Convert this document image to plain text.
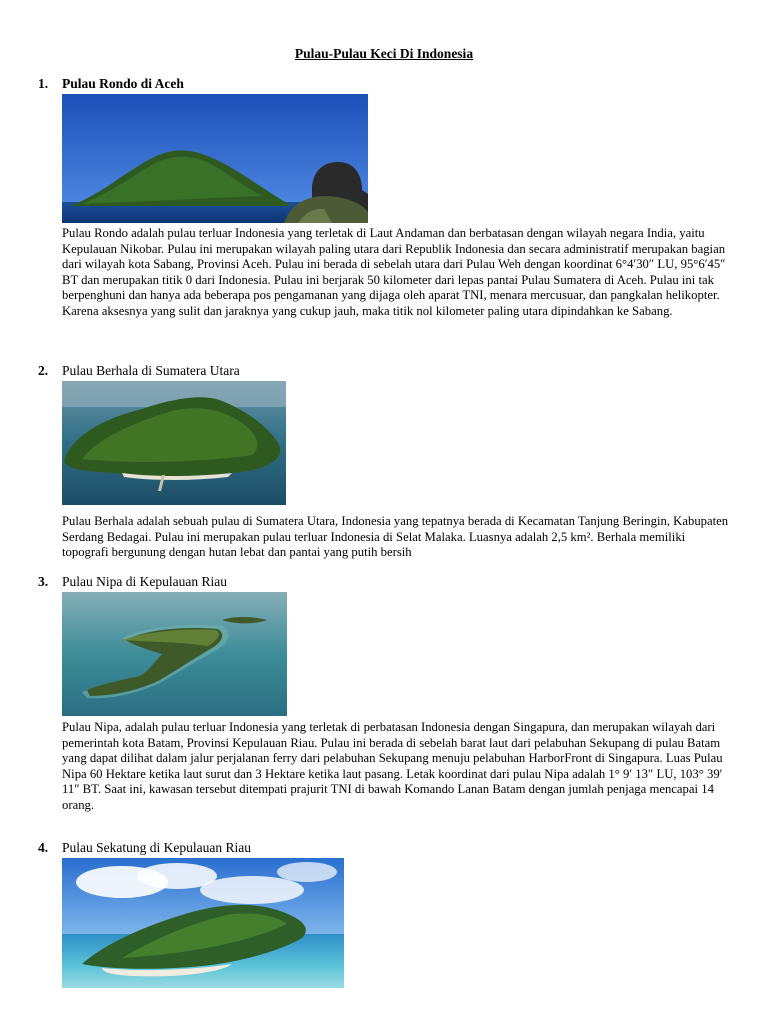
Pulau-Pulau Keci Di Indonesia
1.	Pulau Rondo di Aceh

Pulau Rondo adalah pulau terluar Indonesia yang terletak di Laut Andaman dan berbatasan dengan wilayah negara India, yaitu Kepulauan Nikobar. Pulau ini merupakan wilayah paling utara dari Republik Indonesia dan secara administratif merupakan bagian dari wilayah kota Sabang, Provinsi Aceh. Pulau ini berada di sebelah utara dari Pulau Weh dengan koordinat 6°4′30″ LU, 95°6′45″ BT dan merupakan titik 0 dari Indonesia. Pulau ini berjarak 50 kilometer dari lepas pantai Pulau Sumatera di Aceh. Pulau ini tak berpenghuni dan hanya ada beberapa pos pengamanan yang dijaga oleh aparat TNI, menara mercusuar, dan pangkalan helikopter. Karena aksesnya yang sulit dan jaraknya yang cukup jauh, maka titik nol kilometer paling utara dipindahkan ke Sabang.

2.	Pulau Berhala di Sumatera Utara

Pulau Berhala adalah sebuah pulau di Sumatera Utara, Indonesia yang tepatnya berada di Kecamatan Tanjung Beringin, Kabupaten Serdang Bedagai. Pulau ini merupakan pulau terluar Indonesia di Selat Malaka. Luasnya adalah 2,5 km². Berhala memiliki topografi bergunung dengan hutan lebat dan pantai yang putih bersih

3.	Pulau Nipa di Kepulauan Riau

Pulau Nipa, adalah pulau terluar Indonesia yang terletak di perbatasan Indonesia dengan Singapura, dan merupakan wilayah dari pemerintah kota Batam, Provinsi Kepulauan Riau. Pulau ini berada di sebelah barat laut dari pelabuhan Sekupang di pulau Batam yang dapat dilihat dalam jalur perjalanan ferry dari pelabuhan Sekupang menuju pelabuhan HarborFront di Singapura. Luas Pulau Nipa 60 Hektare ketika laut surut dan 3 Hektare ketika laut pasang. Letak koordinat dari pulau Nipa adalah 1° 9′ 13″ LU, 103° 39′ 11″ BT. Saat ini, kawasan tersebut ditempati prajurit TNI di bawah Komando Lanan Batam dengan jumlah penjaga mencapai 14 orang.

4.	Pulau Sekatung di Kepulauan Riau
